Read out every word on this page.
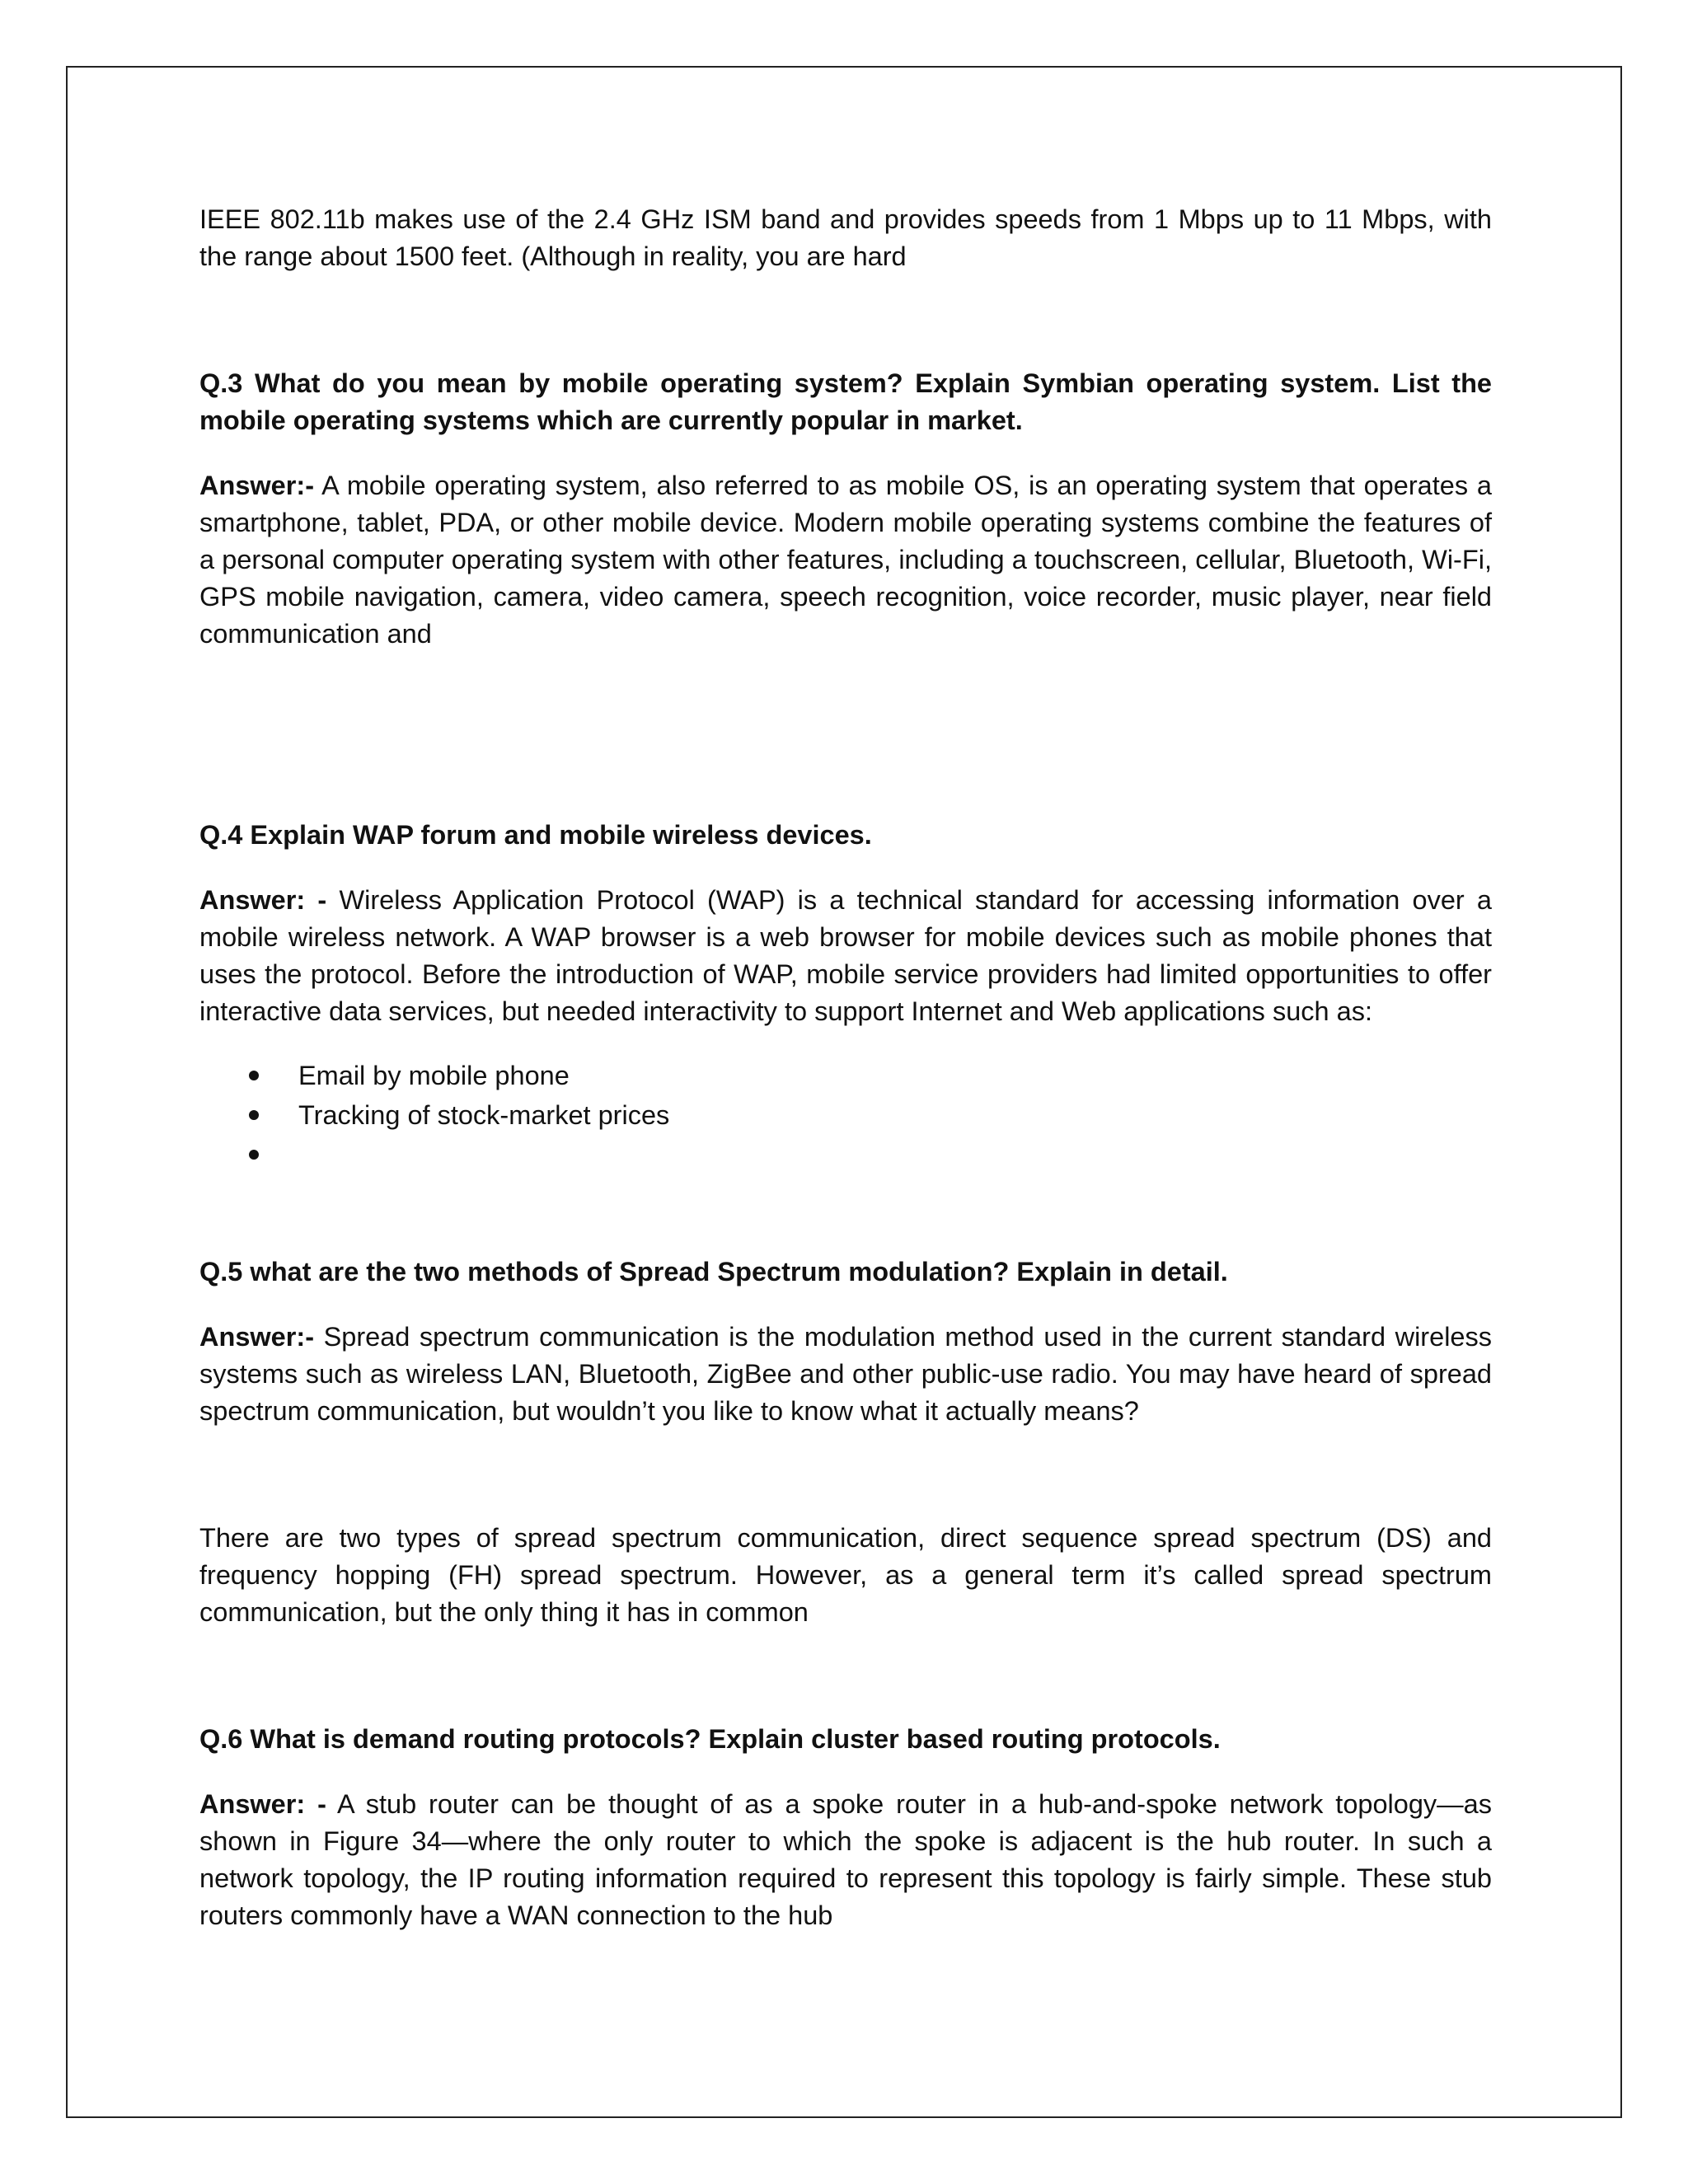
IEEE 802.11b makes use of the 2.4 GHz ISM band and provides speeds from 1 Mbps up to 11 Mbps, with the range about 1500 feet. (Although in reality, you are hard

Q.3 What do you mean by mobile operating system? Explain Symbian operating system. List the mobile operating systems which are currently popular in market.

Answer:- A mobile operating system, also referred to as mobile OS, is an operating system that operates a smartphone, tablet, PDA, or other mobile device. Modern mobile operating systems combine the features of a personal computer operating system with other features, including a touchscreen, cellular, Bluetooth, Wi-Fi, GPS mobile navigation, camera, video camera, speech recognition, voice recorder, music player, near field communication and

Q.4 Explain WAP forum and mobile wireless devices.

Answer: - Wireless Application Protocol (WAP) is a technical standard for accessing information over a mobile wireless network. A WAP browser is a web browser for mobile devices such as mobile phones that uses the protocol. Before the introduction of WAP, mobile service providers had limited opportunities to offer interactive data services, but needed interactivity to support Internet and Web applications such as:

Email by mobile phone
Tracking of stock-market prices

Q.5 what are the two methods of Spread Spectrum modulation? Explain in detail.

Answer:- Spread spectrum communication is the modulation method used in the current standard wireless systems such as wireless LAN, Bluetooth, ZigBee and other public-use radio. You may have heard of spread spectrum communication, but wouldn’t you like to know what it actually means?

There are two types of spread spectrum communication, direct sequence spread spectrum (DS) and frequency hopping (FH) spread spectrum. However, as a general term it’s called spread spectrum communication, but the only thing it has in common

Q.6 What is demand routing protocols? Explain cluster based routing protocols.

Answer: - A stub router can be thought of as a spoke router in a hub-and-spoke network topology—as shown in Figure 34—where the only router to which the spoke is adjacent is the hub router. In such a network topology, the IP routing information required to represent this topology is fairly simple. These stub routers commonly have a WAN connection to the hub
